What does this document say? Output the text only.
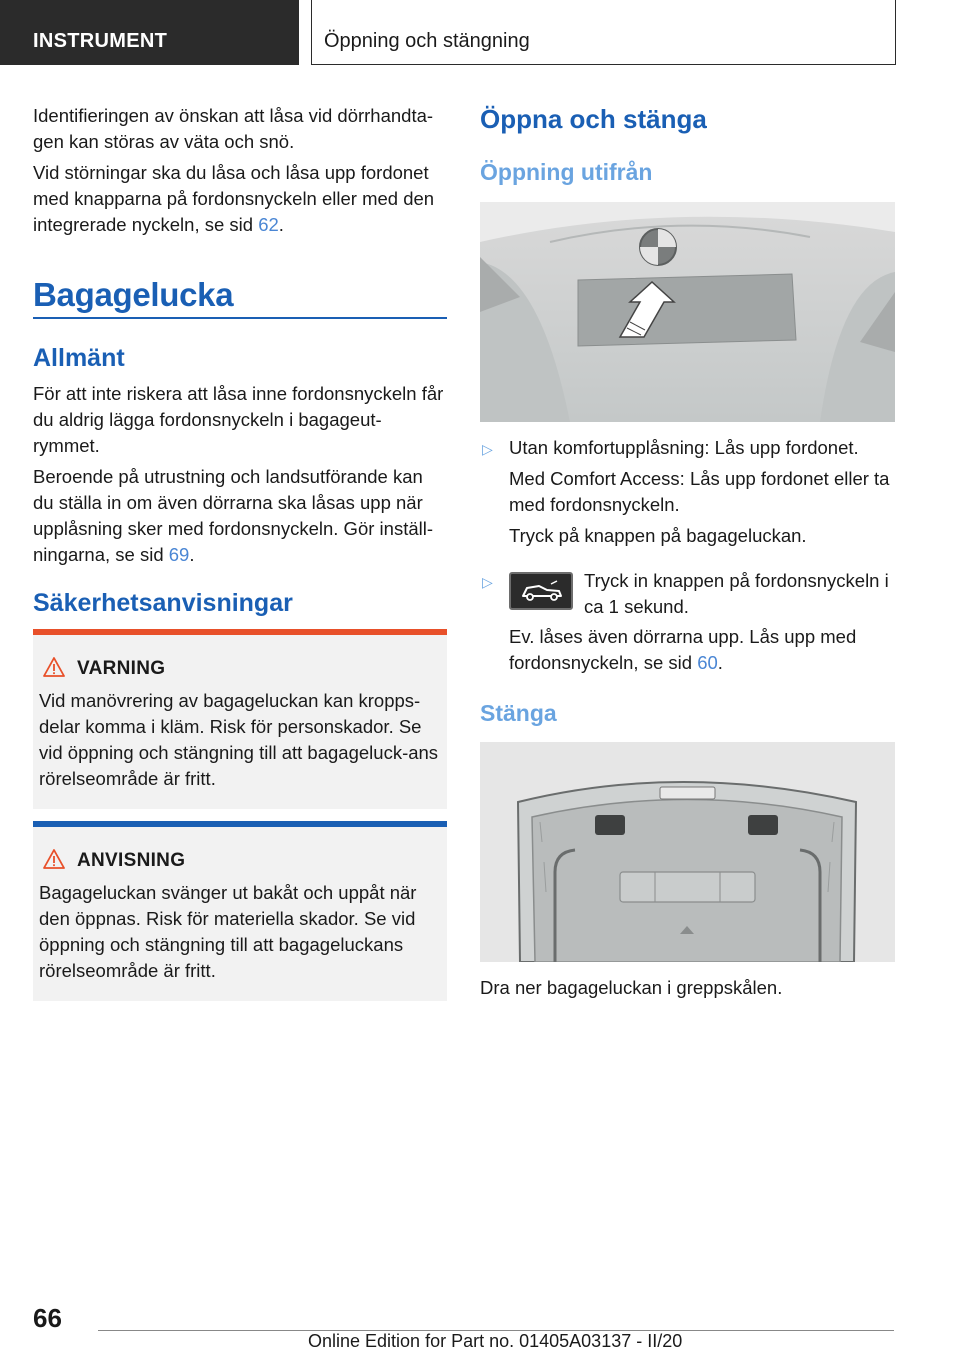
INSTRUMENT	Öppning och stängning

Identifieringen av önskan att låsa vid dörrhandta-gen kan störas av väta och snö.

Vid störningar ska du låsa och låsa upp fordonet med knapparna på fordonsnyckeln eller med den integrerade nyckeln, se sid 62.

Bagagelucka
Allmänt

För att inte riskera att låsa inne fordonsnyckeln får du aldrig lägga fordonsnyckeln i bagageut-rymmet.

Beroende på utrustning och landsutförande kan du ställa in om även dörrarna ska låsas upp när upplåsning sker med fordonsnyckeln. Gör inställ-ningarna, se sid 69.

Säkerhetsanvisningar
VARNING
Vid manövrering av bagageluckan kan kropps-delar komma i kläm. Risk för personskador. Se vid öppning och stängning till att bagageluck-ans rörelseområde är fritt.
ANVISNING
Bagageluckan svänger ut bakåt och uppåt när den öppnas. Risk för materiella skador. Se vid öppning och stängning till att bagageluckans rörelseområde är fritt.
Öppna och stänga
Öppning utifrån
▷ Utan komfortupplåsning: Lås upp fordonet.

Med Comfort Access: Lås upp fordonet eller ta med fordonsnyckeln.

Tryck på knappen på bagageluckan.

▷	Tryck in knappen på fordonsnyckeln i ca 1 sekund.

Ev. låses även dörrarna upp. Lås upp med fordonsnyckeln, se sid 60.

Stänga

Dra ner bagageluckan i greppskålen.

66
Online Edition for Part no. 01405A03137 - II/20
